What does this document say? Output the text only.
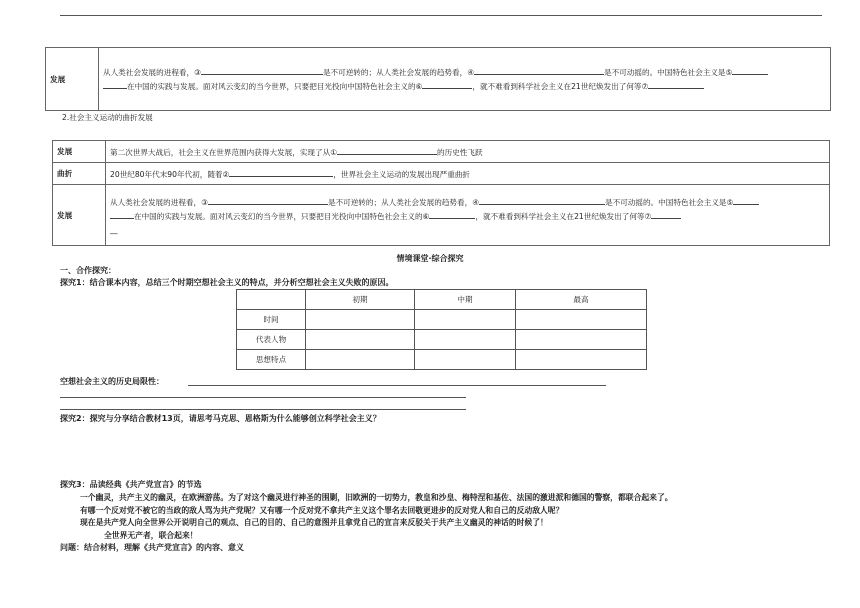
发展	从人类社会发展的进程看，③	是不可逆转的；从人类社会发展的趋势看，④	是不可动摇的。中国特色社会主义是⑤
在中国的实践与发展。面对风云变幻的当今世界，只要把目光投向中国特色社会主义的⑥	，就不难看到科学社会主义在21世纪焕发出了何等⑦
2.社会主义运动的曲折发展
发展	第二次世界大战后，社会主义在世界范围内获得大发展，实现了从① 的历史性飞跃
曲折	20世纪80年代末90年代初，随着② ，世界社会主义运动的发展出现严重曲折
发展	从人类社会发展的进程看，③ 是不可逆转的；从人类社会发展的趋势看，④ 是不可动摇的。中国特色社会主义是⑤
在中国的实践与发展。面对风云变幻的当今世界，只要把目光投向中国特色社会主义的⑥ ，就不难看到科学社会主义在21世纪焕发出了何等⑦
__
情境课堂·综合探究
一、合作探究：
探究1：结合课本内容，总结三个时期空想社会主义的特点，并分析空想社会主义失败的原因。
	初期	中期	最高
时间			
代表人物			
思想特点			
空想社会主义的历史局限性：
探究2：探究与分享结合教材13页，请思考马克思、恩格斯为什么能够创立科学社会主义？
探究3：品读经典《共产党宣言》的节选
一个幽灵，共产主义的幽灵，在欧洲游荡。为了对这个幽灵进行神圣的围剿，旧欧洲的一切势力，教皇和沙皇、梅特涅和基佐、法国的激进派和德国的警察，都联合起来了。
有哪一个反对党不被它的当政的敌人骂为共产党呢？又有哪一个反对党不拿共产主义这个罪名去回敬更进步的反对党人和自己的反动敌人呢？
现在是共产党人向全世界公开说明自己的观点、自己的目的、自己的意图并且拿党自己的宣言来反驳关于共产主义幽灵的神话的时候了！
全世界无产者，联合起来！
问题：结合材料，理解《共产党宣言》的内容、意义
